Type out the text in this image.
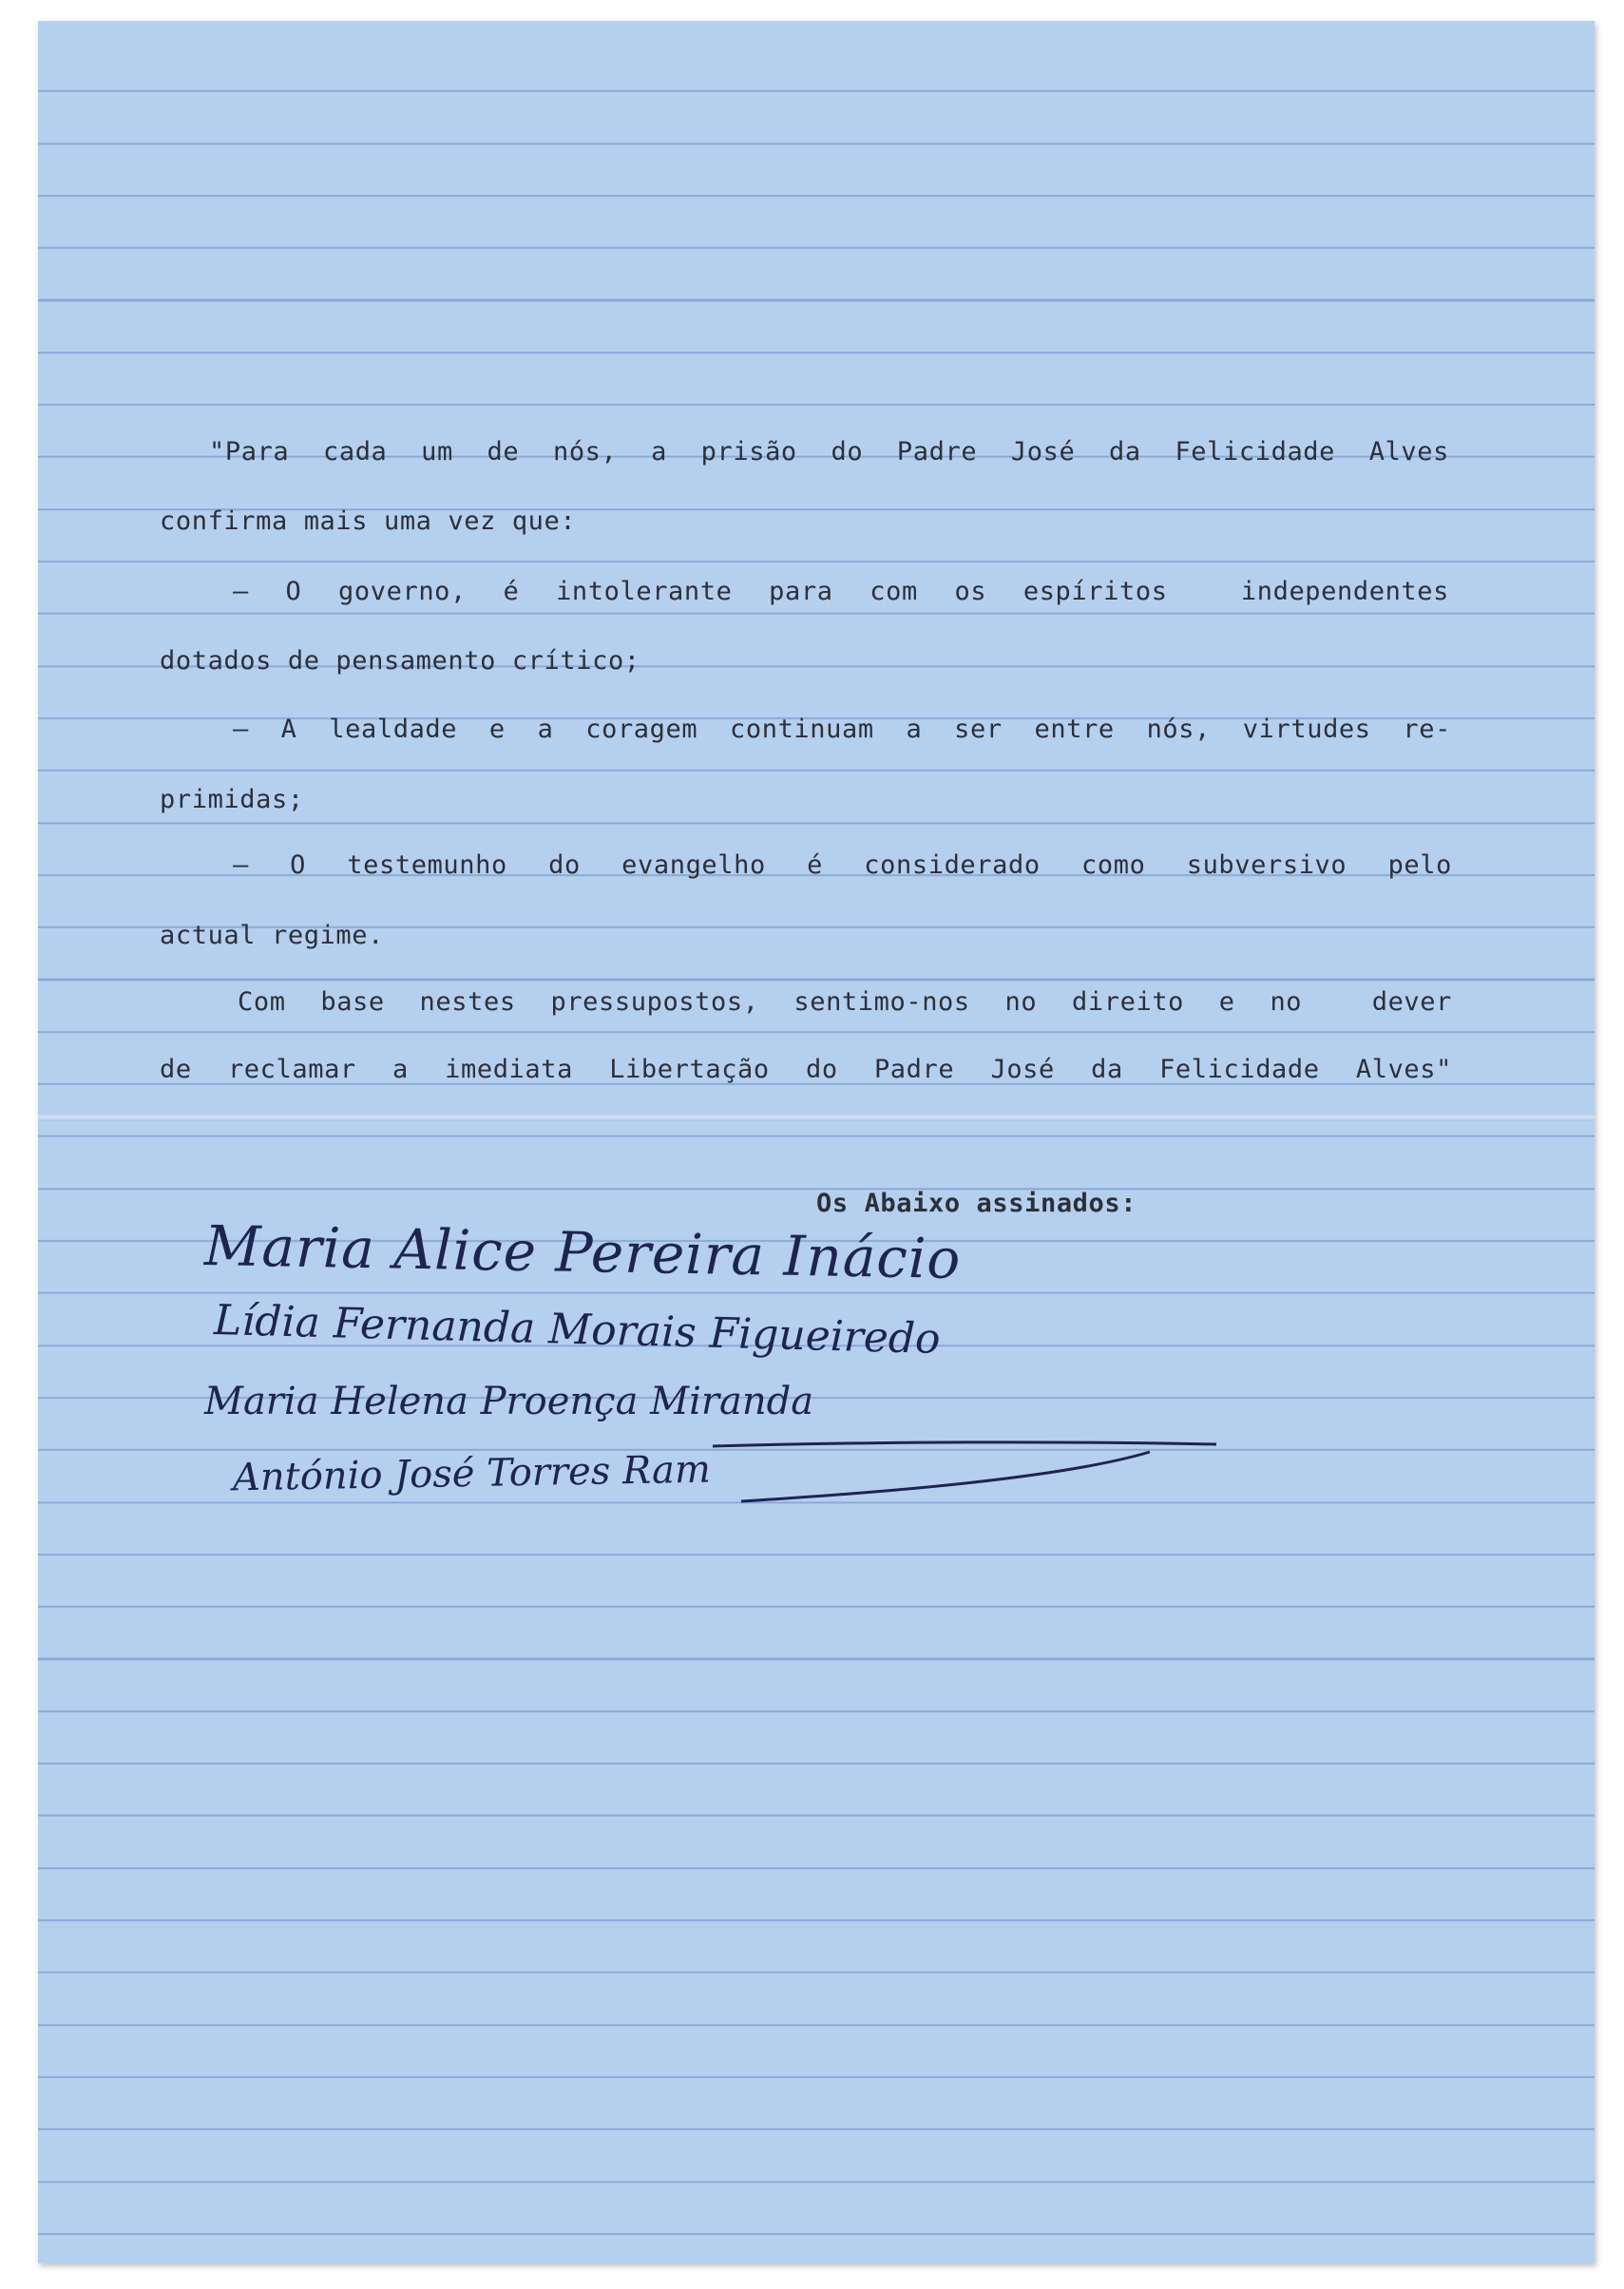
"Para cada um de nós, a prisão do Padre José da Felicidade Alves
confirma mais uma vez que:
— O governo, é intolerante para com os espíritos  independentes
dotados de pensamento crítico;
— A lealdade e a coragem continuam a ser entre nós, virtudes re-
primidas;
— O testemunho do evangelho é considerado como subversivo pelo
actual regime.
Com base nestes pressupostos, sentimo-nos no direito e no  dever
de reclamar a imediata Libertação do Padre José da Felicidade Alves"
Os Abaixo assinados:
Maria Alice Pereira Inácio
Lídia Fernanda Morais Figueiredo
Maria Helena Proença Miranda
António José Torres Ram
